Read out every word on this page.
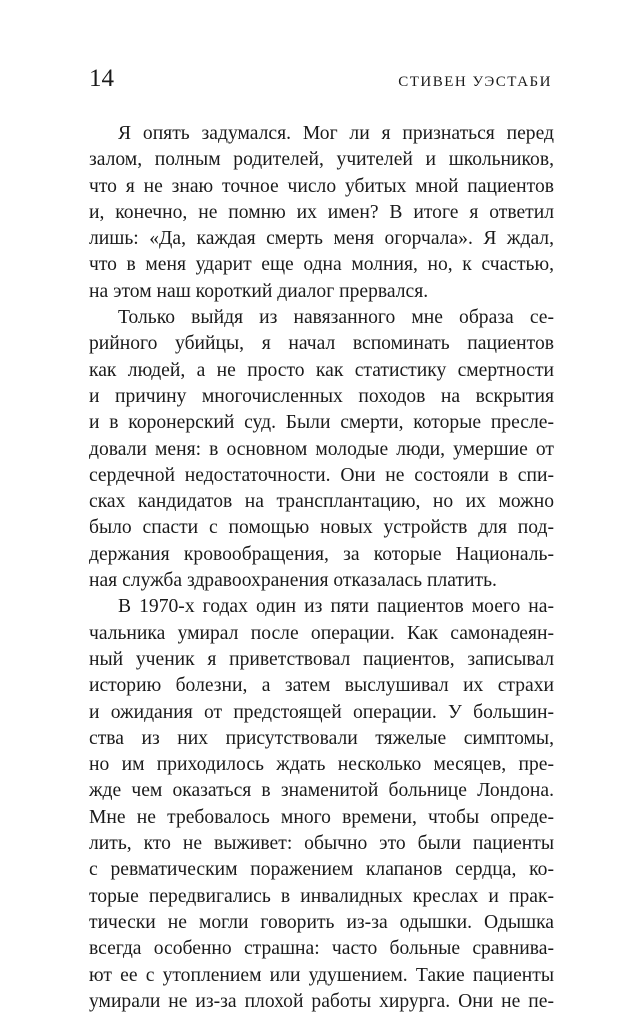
14	СТИВЕН УЭСТАБИ
Я опять задумался. Мог ли я признаться перед
залом, полным родителей, учителей и школьников,
что я не знаю точное число убитых мной пациентов
и, конечно, не помню их имен? В итоге я ответил
лишь: «Да, каждая смерть меня огорчала». Я ждал,
что в меня ударит еще одна молния, но, к счастью,
на этом наш короткий диалог прервался.
Только выйдя из навязанного мне образа се-
рийного убийцы, я начал вспоминать пациентов
как людей, а не просто как статистику смертности
и причину многочисленных походов на вскрытия
и в коронерский суд. Были смерти, которые пресле-
довали меня: в основном молодые люди, умершие от
сердечной недостаточности. Они не состояли в спи-
сках кандидатов на трансплантацию, но их можно
было спасти с помощью новых устройств для под-
держания кровообращения, за которые Националь-
ная служба здравоохранения отказалась платить.
В 1970-х годах один из пяти пациентов моего на-
чальника умирал после операции. Как самонадеян-
ный ученик я приветствовал пациентов, записывал
историю болезни, а затем выслушивал их страхи
и ожидания от предстоящей операции. У большин-
ства из них присутствовали тяжелые симптомы,
но им приходилось ждать несколько месяцев, пре-
жде чем оказаться в знаменитой больнице Лондона.
Мне не требовалось много времени, чтобы опреде-
лить, кто не выживет: обычно это были пациенты
с ревматическим поражением клапанов сердца, ко-
торые передвигались в инвалидных креслах и прак-
тически не могли говорить из-за одышки. Одышка
всегда особенно страшна: часто больные сравнива-
ют ее с утоплением или удушением. Такие пациенты
умирали не из-за плохой работы хирурга. Они не пе-
